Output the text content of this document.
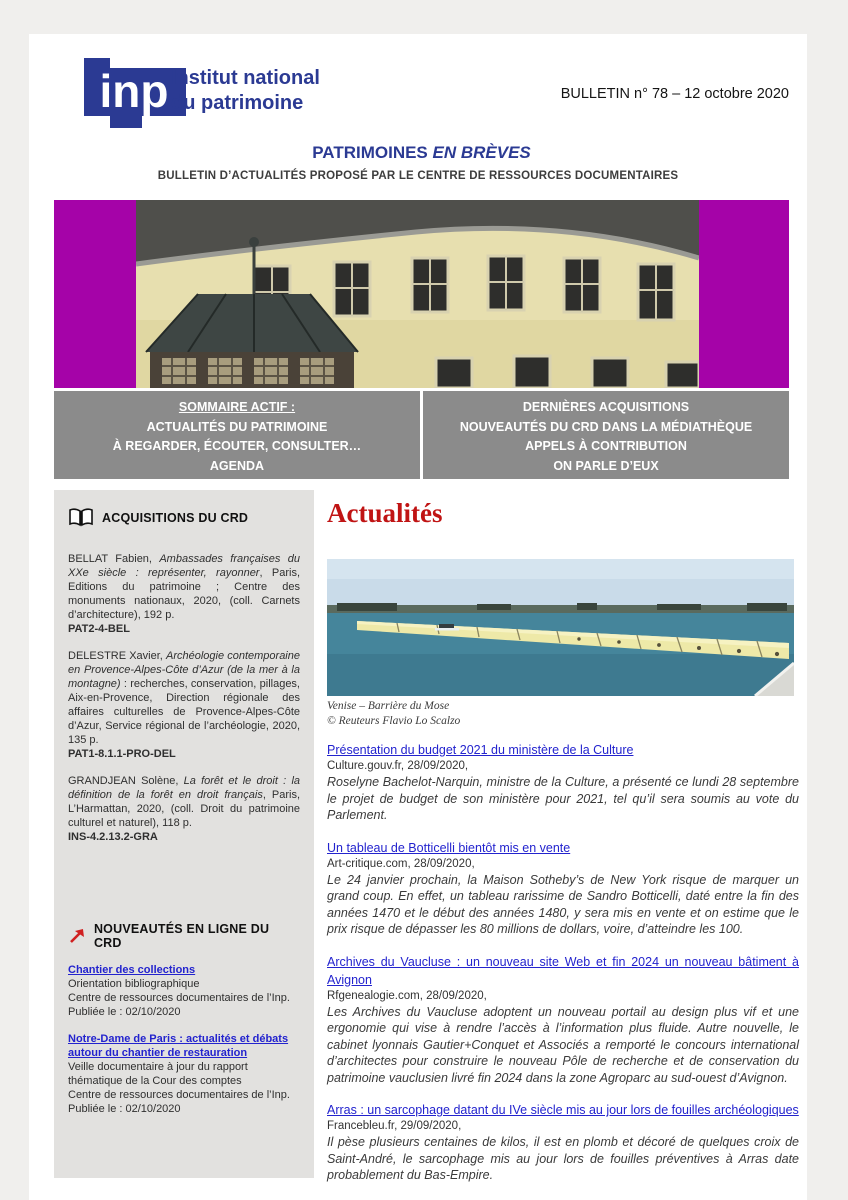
inp Institut national
du patrimoine	BULLETIN n° 78 – 12 octobre 2020
PATRIMOINES EN BRÈVES
BULLETIN D’ACTUALITÉS PROPOSÉ PAR LE CENTRE DE RESSOURCES DOCUMENTAIRES
SOMMAIRE ACTIF :
ACTUALITÉS DU PATRIMOINE
À REGARDER, ÉCOUTER, CONSULTER…
AGENDA
DERNIÈRES ACQUISITIONS
NOUVEAUTÉS DU CRD DANS LA MÉDIATHÈQUE
APPELS À CONTRIBUTION
ON PARLE D’EUX
ACQUISITIONS DU CRD
BELLAT Fabien, Ambassades françaises du XXe siècle : représenter, rayonner, Paris, Editions du patrimoine ; Centre des monuments nationaux, 2020, (coll. Carnets d’architecture), 192 p.
PAT2-4-BEL
DELESTRE Xavier, Archéologie contemporaine en Provence-Alpes-Côte d’Azur (de la mer à la montagne) : recherches, conservation, pillages, Aix-en-Provence, Direction régionale des affaires culturelles de Provence-Alpes-Côte d’Azur, Service régional de l’archéologie, 2020, 135 p.
PAT1-8.1.1-PRO-DEL
GRANDJEAN Solène, La forêt et le droit : la définition de la forêt en droit français, Paris, L’Harmattan, 2020, (coll. Droit du patrimoine culturel et naturel), 118 p.
INS-4.2.13.2-GRA
NOUVEAUTÉS EN LIGNE DU CRD
Chantier des collections
Orientation bibliographique
Centre de ressources documentaires de l’Inp.
Publiée le : 02/10/2020
Notre-Dame de Paris : actualités et débats autour du chantier de restauration
Veille documentaire à jour du rapport thématique de la Cour des comptes
Centre de ressources documentaires de l’Inp.
Publiée le : 02/10/2020
Actualités
Venise – Barrière du Mose
© Reuteurs Flavio Lo Scalzo
Présentation du budget 2021 du ministère de la Culture
Culture.gouv.fr, 28/09/2020,
Roselyne Bachelot-Narquin, ministre de la Culture, a présenté ce lundi 28 septembre le projet de budget de son ministère pour 2021, tel qu’il sera soumis au vote du Parlement.
Un tableau de Botticelli bientôt mis en vente
Art-critique.com, 28/09/2020,
Le 24 janvier prochain, la Maison Sotheby’s de New York risque de marquer un grand coup. En effet, un tableau rarissime de Sandro Botticelli, daté entre la fin des années 1470 et le début des années 1480, y sera mis en vente et on estime que le prix risque de dépasser les 80 millions de dollars, voire, d’atteindre les 100.
Archives du Vaucluse : un nouveau site Web et fin 2024 un nouveau bâtiment à Avignon
Rfgenealogie.com, 28/09/2020,
Les Archives du Vaucluse adoptent un nouveau portail au design plus vif et une ergonomie qui vise à rendre l’accès à l’information plus fluide. Autre nouvelle, le cabinet lyonnais Gautier+Conquet et Associés a remporté le concours international d’architectes pour construire le nouveau Pôle de recherche et de conservation du patrimoine vauclusien livré fin 2024 dans la zone Agroparc au sud-ouest d’Avignon.
Arras : un sarcophage datant du IVe siècle mis au jour lors de fouilles archéologiques
Francebleu.fr, 29/09/2020,
Il pèse plusieurs centaines de kilos, il est en plomb et décoré de quelques croix de Saint-André, le sarcophage mis au jour lors de fouilles préventives à Arras date probablement du Bas-Empire.
